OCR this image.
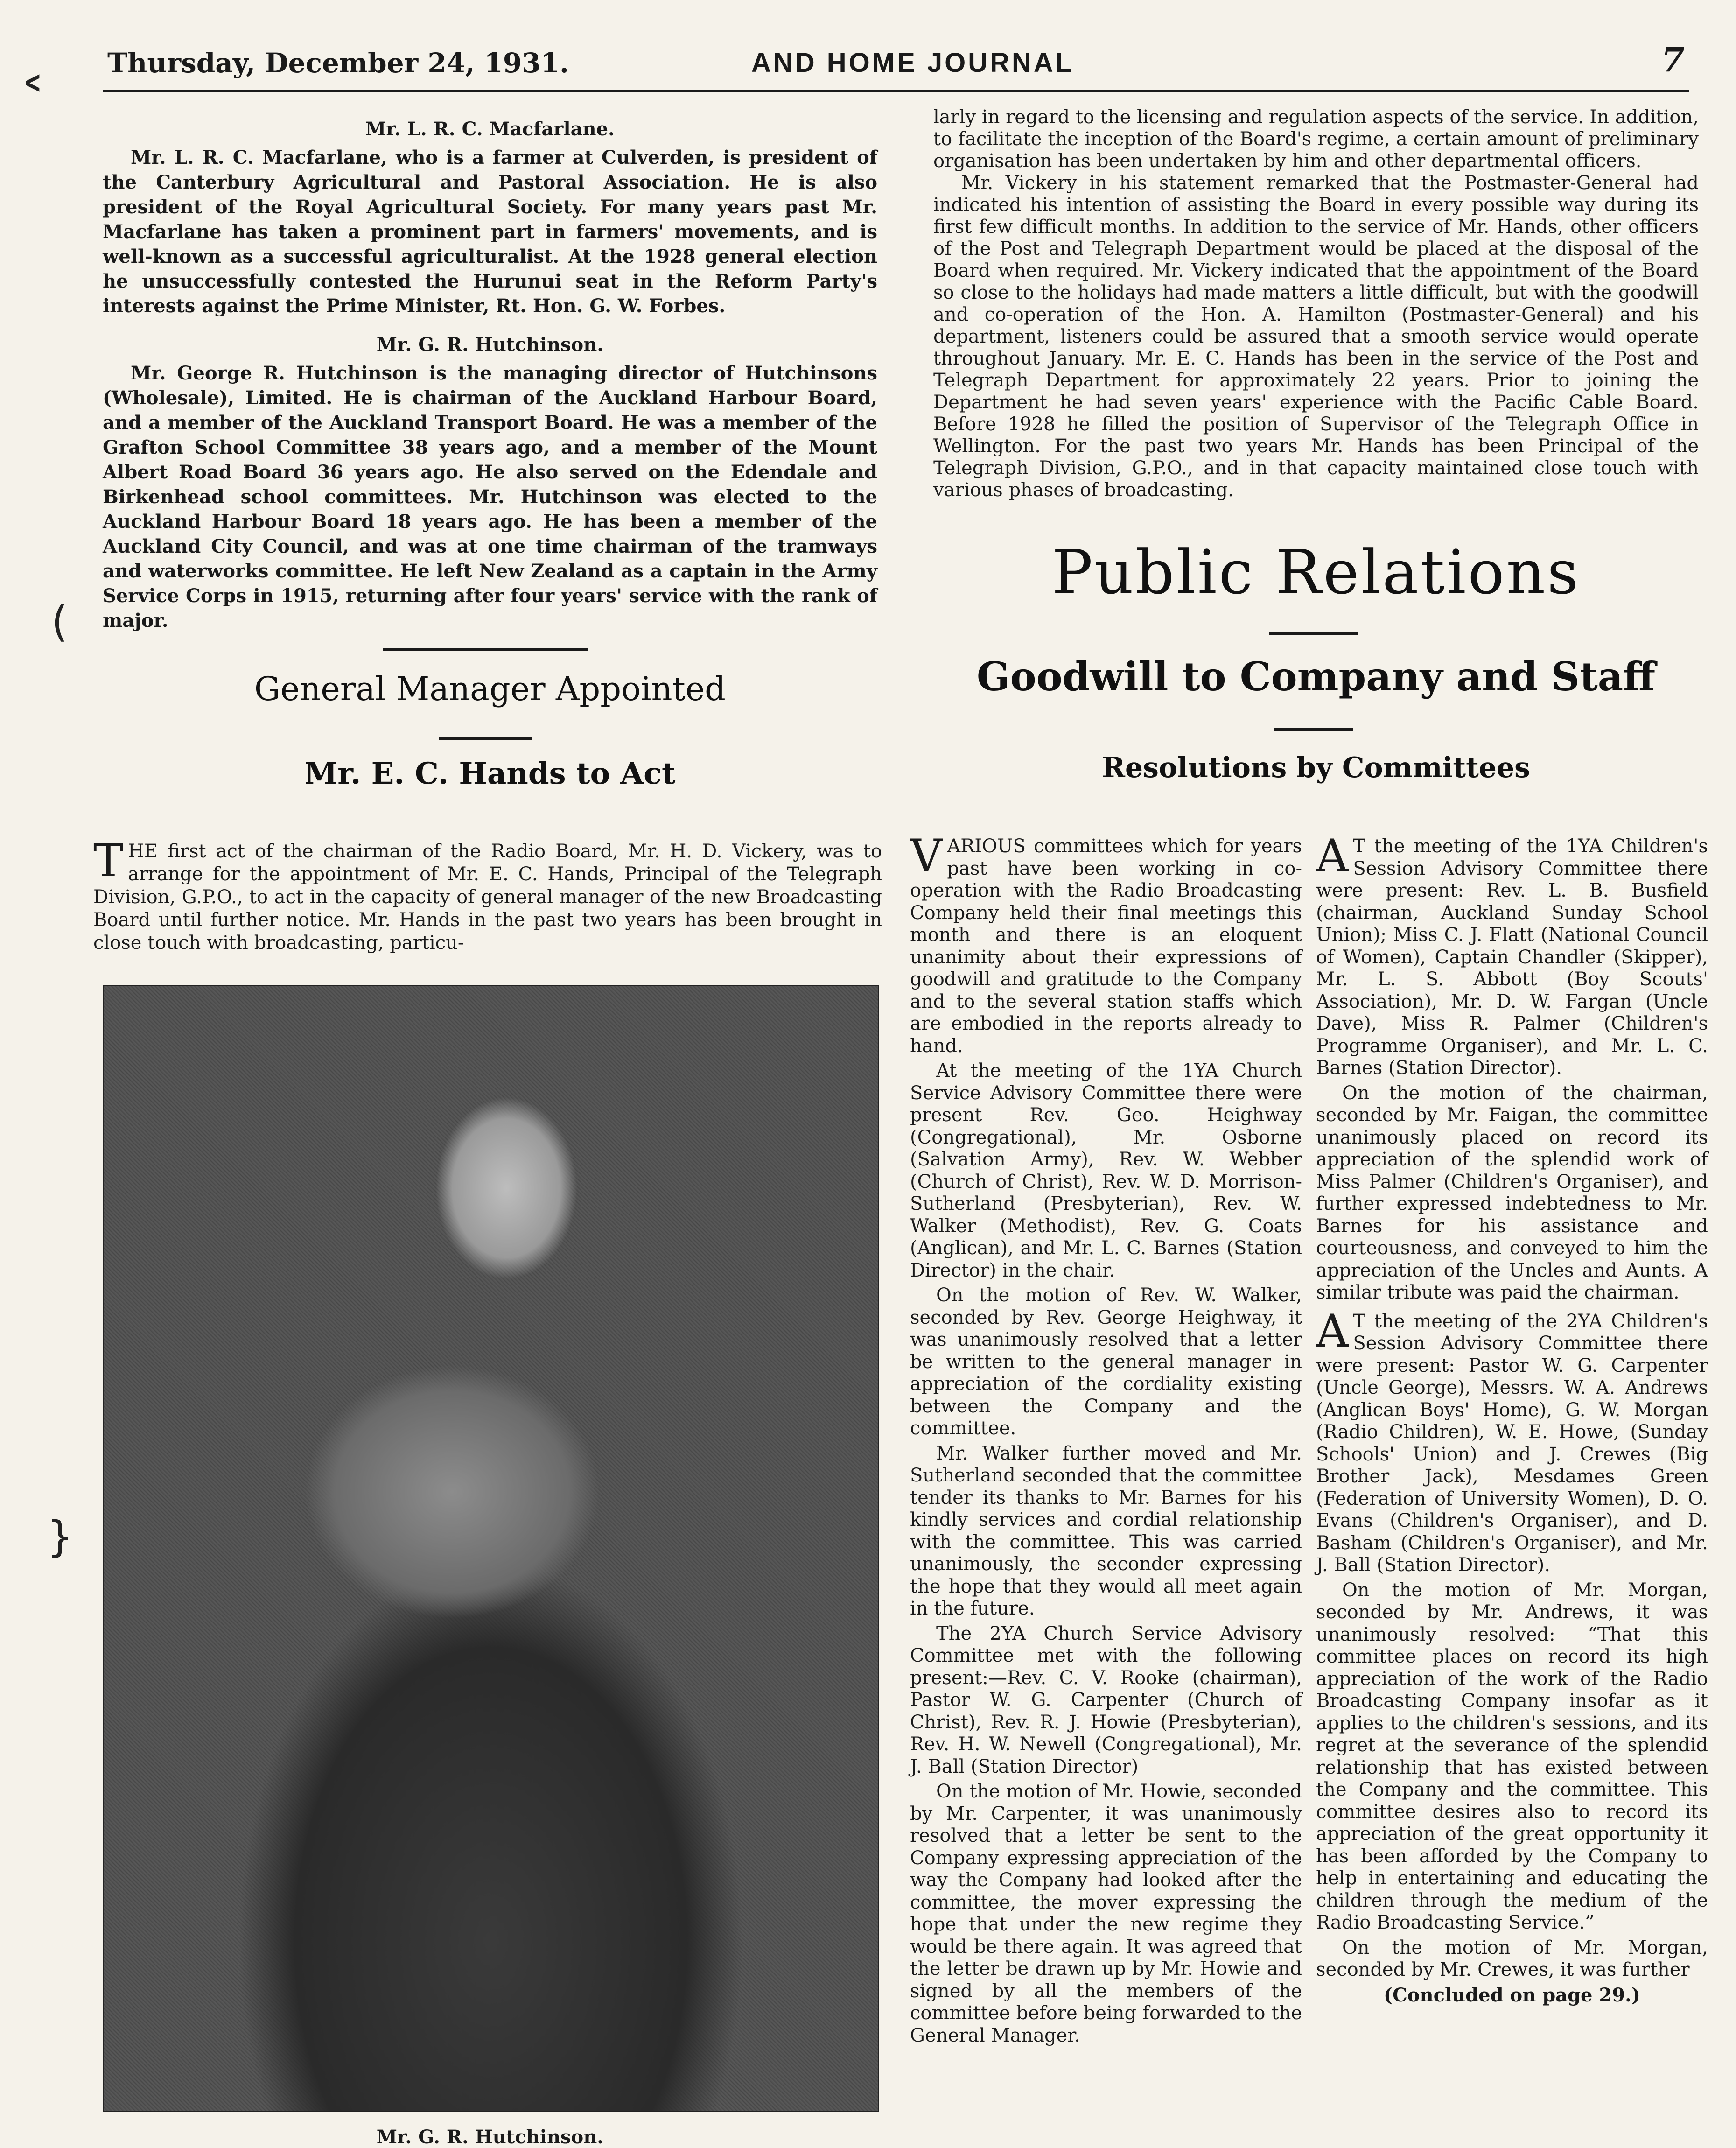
Thursday, December 24, 1931.	AND HOME JOURNAL	7
˂
(
}
Mr. L. R. C. Macfarlane.

Mr. L. R. C. Macfarlane, who is a farmer at Culverden, is president of the Canterbury Agricultural and Pastoral Association. He is also president of the Royal Agricultural Society. For many years past Mr. Macfarlane has taken a prominent part in farmers' movements, and is well-known as a successful agriculturalist. At the 1928 general election he unsuccessfully contested the Hurunui seat in the Reform Party's interests against the Prime Minister, Rt. Hon. G. W. Forbes.

Mr. G. R. Hutchinson.

Mr. George R. Hutchinson is the managing director of Hutchinsons (Wholesale), Limited. He is chairman of the Auckland Harbour Board, and a member of the Auckland Transport Board. He was a member of the Grafton School Committee 38 years ago, and a member of the Mount Albert Road Board 36 years ago. He also served on the Edendale and Birkenhead school committees. Mr. Hutchinson was elected to the Auckland Harbour Board 18 years ago. He has been a member of the Auckland City Council, and was at one time chairman of the tramways and waterworks committee. He left New Zealand as a captain in the Army Service Corps in 1915, returning after four years' service with the rank of major.

General Manager Appointed
Mr. E. C. Hands to Act

THE first act of the chairman of the Radio Board, Mr. H. D. Vickery, was to arrange for the appointment of Mr. E. C. Hands, Principal of the Telegraph Division, G.P.O., to act in the capacity of general manager of the new Broadcasting Board until further notice. Mr. Hands in the past two years has been brought in close touch with broadcasting, particu-

Mr. G. R. Hutchinson.

larly in regard to the licensing and regulation aspects of the service. In addition, to facilitate the inception of the Board's regime, a certain amount of preliminary organisation has been undertaken by him and other departmental officers.

Mr. Vickery in his statement remarked that the Postmaster-General had indicated his intention of assisting the Board in every possible way during its first few difficult months. In addition to the service of Mr. Hands, other officers of the Post and Telegraph Department would be placed at the disposal of the Board when required. Mr. Vickery indicated that the appointment of the Board so close to the holidays had made matters a little difficult, but with the goodwill and co-operation of the Hon. A. Hamilton (Postmaster-General) and his department, listeners could be assured that a smooth service would operate throughout January. Mr. E. C. Hands has been in the service of the Post and Telegraph Department for approximately 22 years. Prior to joining the Department he had seven years' experience with the Pacific Cable Board. Before 1928 he filled the position of Supervisor of the Telegraph Office in Wellington. For the past two years Mr. Hands has been Principal of the Telegraph Division, G.P.O., and in that capacity maintained close touch with various phases of broadcasting.

Public Relations
Goodwill to Company and Staff
Resolutions by Committees

VARIOUS committees which for years past have been working in co-operation with the Radio Broadcasting Company held their final meetings this month and there is an eloquent unanimity about their expressions of goodwill and gratitude to the Company and to the several station staffs which are embodied in the reports already to hand.

At the meeting of the 1YA Church Service Advisory Committee there were present Rev. Geo. Heighway (Congregational), Mr. Osborne (Salvation Army), Rev. W. Webber (Church of Christ), Rev. W. D. Morrison-Sutherland (Presbyterian), Rev. W. Walker (Methodist), Rev. G. Coats (Anglican), and Mr. L. C. Barnes (Station Director) in the chair.

On the motion of Rev. W. Walker, seconded by Rev. George Heighway, it was unanimously resolved that a letter be written to the general manager in appreciation of the cordiality existing between the Company and the committee.

Mr. Walker further moved and Mr. Sutherland seconded that the committee tender its thanks to Mr. Barnes for his kindly services and cordial relationship with the committee. This was carried unanimously, the seconder expressing the hope that they would all meet again in the future.

The 2YA Church Service Advisory Committee met with the following present:—Rev. C. V. Rooke (chairman), Pastor W. G. Carpenter (Church of Christ), Rev. R. J. Howie (Presbyterian), Rev. H. W. Newell (Congregational), Mr. J. Ball (Station Director)

On the motion of Mr. Howie, seconded by Mr. Carpenter, it was unanimously resolved that a letter be sent to the Company expressing appreciation of the way the Company had looked after the committee, the mover expressing the hope that under the new regime they would be there again. It was agreed that the letter be drawn up by Mr. Howie and signed by all the members of the committee before being forwarded to the General Manager.

A T the meeting of the 1YA Children's Session Advisory Committee there were present: Rev. L. B. Busfield (chairman, Auckland Sunday School Union); Miss C. J. Flatt (National Council of Women), Captain Chandler (Skipper), Mr. L. S. Abbott (Boy Scouts' Association), Mr. D. W. Fargan (Uncle Dave), Miss R. Palmer (Children's Programme Organiser), and Mr. L. C. Barnes (Station Director).

On the motion of the chairman, seconded by Mr. Faigan, the committee unanimously placed on record its appreciation of the splendid work of Miss Palmer (Children's Organiser), and further expressed indebtedness to Mr. Barnes for his assistance and courteousness, and conveyed to him the appreciation of the Uncles and Aunts. A similar tribute was paid the chairman.

A T the meeting of the 2YA Children's Session Advisory Committee there were present: Pastor W. G. Carpenter (Uncle George), Messrs. W. A. Andrews (Anglican Boys' Home), G. W. Morgan (Radio Children), W. E. Howe, (Sunday Schools' Union) and J. Crewes (Big Brother Jack), Mesdames Green (Federation of University Women), D. O. Evans (Children's Organiser), and D. Basham (Children's Organiser), and Mr. J. Ball (Station Director).

On the motion of Mr. Morgan, seconded by Mr. Andrews, it was unanimously resolved: “That this committee places on record its high appreciation of the work of the Radio Broadcasting Company insofar as it applies to the children's sessions, and its regret at the severance of the splendid relationship that has existed between the Company and the committee. This committee desires also to record its appreciation of the great opportunity it has been afforded by the Company to help in entertaining and educating the children through the medium of the Radio Broadcasting Service.”

On the motion of Mr. Morgan, seconded by Mr. Crewes, it was further

(Concluded on page 29.)
